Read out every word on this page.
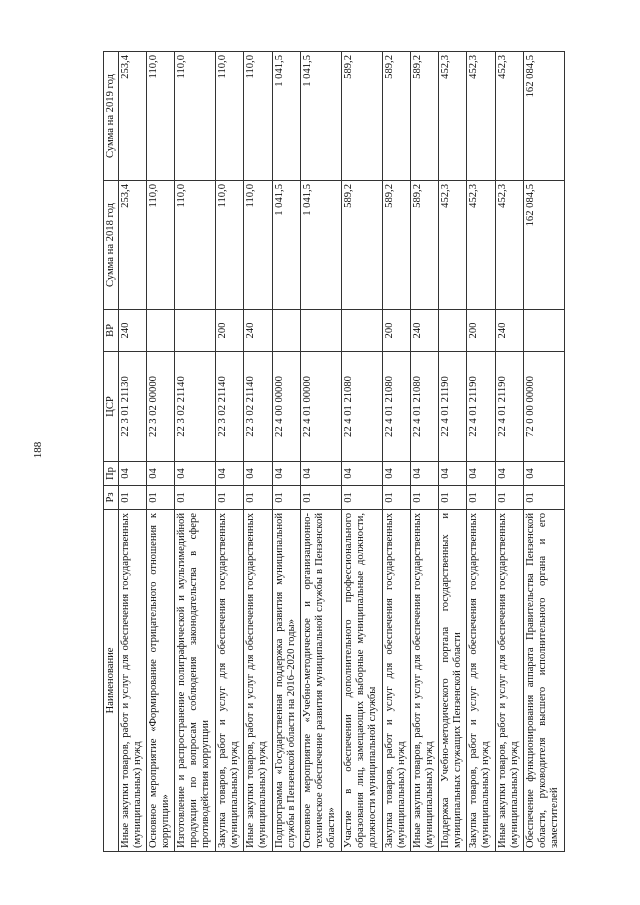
188
Наименование	Рз	Пр	ЦСР	ВР	Сумма на 2018 год	Сумма на 2019 год
Иные закупки товаров, работ и услуг для обеспечения государственных (муниципальных) нужд	01	04	22 3 01 21130	240	253,4	253,4
Основное мероприятие «Формирование отрицательного отношения к коррупции»	01	04	22 3 02 00000		110,0	110,0
Изготовление и распространение полиграфической и мультимедийной продукции по вопросам соблюдения законодательства в сфере противодействия коррупции	01	04	22 3 02 21140		110,0	110,0
Закупка товаров, работ и услуг для обеспечения государственных (муниципальных) нужд	01	04	22 3 02 21140	200	110,0	110,0
Иные закупки товаров, работ и услуг для обеспечения государственных (муниципальных) нужд	01	04	22 3 02 21140	240	110,0	110,0
Подпрограмма «Государственная поддержка развития муниципальной службы в Пензенской области на 2016–2020 годы»	01	04	22 4 00 00000		1 041,5	1 041,5
Основное мероприятие «Учебно-методическое и организационно-техническое обеспечение развития муниципальной службы в Пензенской области»	01	04	22 4 01 00000		1 041,5	1 041,5
Участие в обеспечении дополнительного профессионального образования лиц, замещающих выборные муниципальные должности, должности муниципальной службы	01	04	22 4 01 21080		589,2	589,2
Закупка товаров, работ и услуг для обеспечения государственных (муниципальных) нужд	01	04	22 4 01 21080	200	589,2	589,2
Иные закупки товаров, работ и услуг для обеспечения государственных (муниципальных) нужд	01	04	22 4 01 21080	240	589,2	589,2
Поддержка Учебно-методического портала государственных и муниципальных служащих Пензенской области	01	04	22 4 01 21190		452,3	452,3
Закупка товаров, работ и услуг для обеспечения государственных (муниципальных) нужд	01	04	22 4 01 21190	200	452,3	452,3
Иные закупки товаров, работ и услуг для обеспечения государственных (муниципальных) нужд	01	04	22 4 01 21190	240	452,3	452,3
Обеспечение функционирования аппарата Правительства Пензенской области, руководителя высшего исполнительного органа и его заместителей	01	04	72 0 00 00000		162 084,5	162 084,5
